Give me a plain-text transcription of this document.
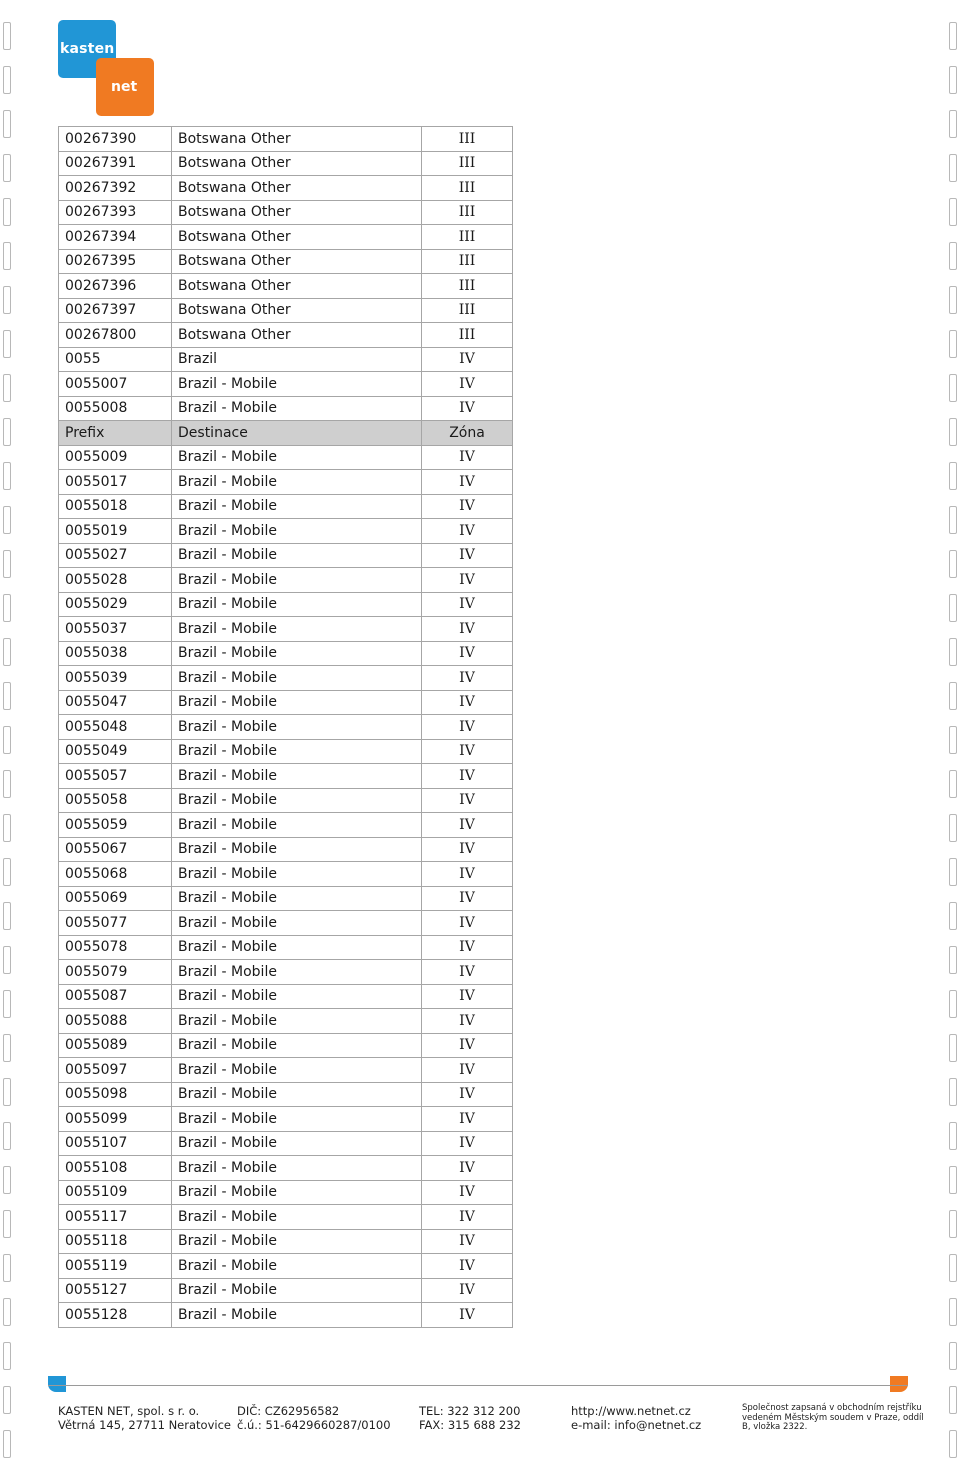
kasten
net
00267390	Botswana Other	III
00267391	Botswana Other	III
00267392	Botswana Other	III
00267393	Botswana Other	III
00267394	Botswana Other	III
00267395	Botswana Other	III
00267396	Botswana Other	III
00267397	Botswana Other	III
00267800	Botswana Other	III
0055	Brazil	IV
0055007	Brazil - Mobile	IV
0055008	Brazil - Mobile	IV
Prefix	Destinace	Zóna
0055009	Brazil - Mobile	IV
0055017	Brazil - Mobile	IV
0055018	Brazil - Mobile	IV
0055019	Brazil - Mobile	IV
0055027	Brazil - Mobile	IV
0055028	Brazil - Mobile	IV
0055029	Brazil - Mobile	IV
0055037	Brazil - Mobile	IV
0055038	Brazil - Mobile	IV
0055039	Brazil - Mobile	IV
0055047	Brazil - Mobile	IV
0055048	Brazil - Mobile	IV
0055049	Brazil - Mobile	IV
0055057	Brazil - Mobile	IV
0055058	Brazil - Mobile	IV
0055059	Brazil - Mobile	IV
0055067	Brazil - Mobile	IV
0055068	Brazil - Mobile	IV
0055069	Brazil - Mobile	IV
0055077	Brazil - Mobile	IV
0055078	Brazil - Mobile	IV
0055079	Brazil - Mobile	IV
0055087	Brazil - Mobile	IV
0055088	Brazil - Mobile	IV
0055089	Brazil - Mobile	IV
0055097	Brazil - Mobile	IV
0055098	Brazil - Mobile	IV
0055099	Brazil - Mobile	IV
0055107	Brazil - Mobile	IV
0055108	Brazil - Mobile	IV
0055109	Brazil - Mobile	IV
0055117	Brazil - Mobile	IV
0055118	Brazil - Mobile	IV
0055119	Brazil - Mobile	IV
0055127	Brazil - Mobile	IV
0055128	Brazil - Mobile	IV
KASTEN NET, spol. s r. o.
Větrná 145, 27711 Neratovice
DIČ: CZ62956582
č.ú.: 51-6429660287/0100
TEL: 322 312 200
FAX: 315 688 232
http://www.netnet.cz
e-mail: info@netnet.cz
Společnost zapsaná v obchodním rejstříku
vedeném Městským soudem v Praze, oddíl
B, vložka 2322.
